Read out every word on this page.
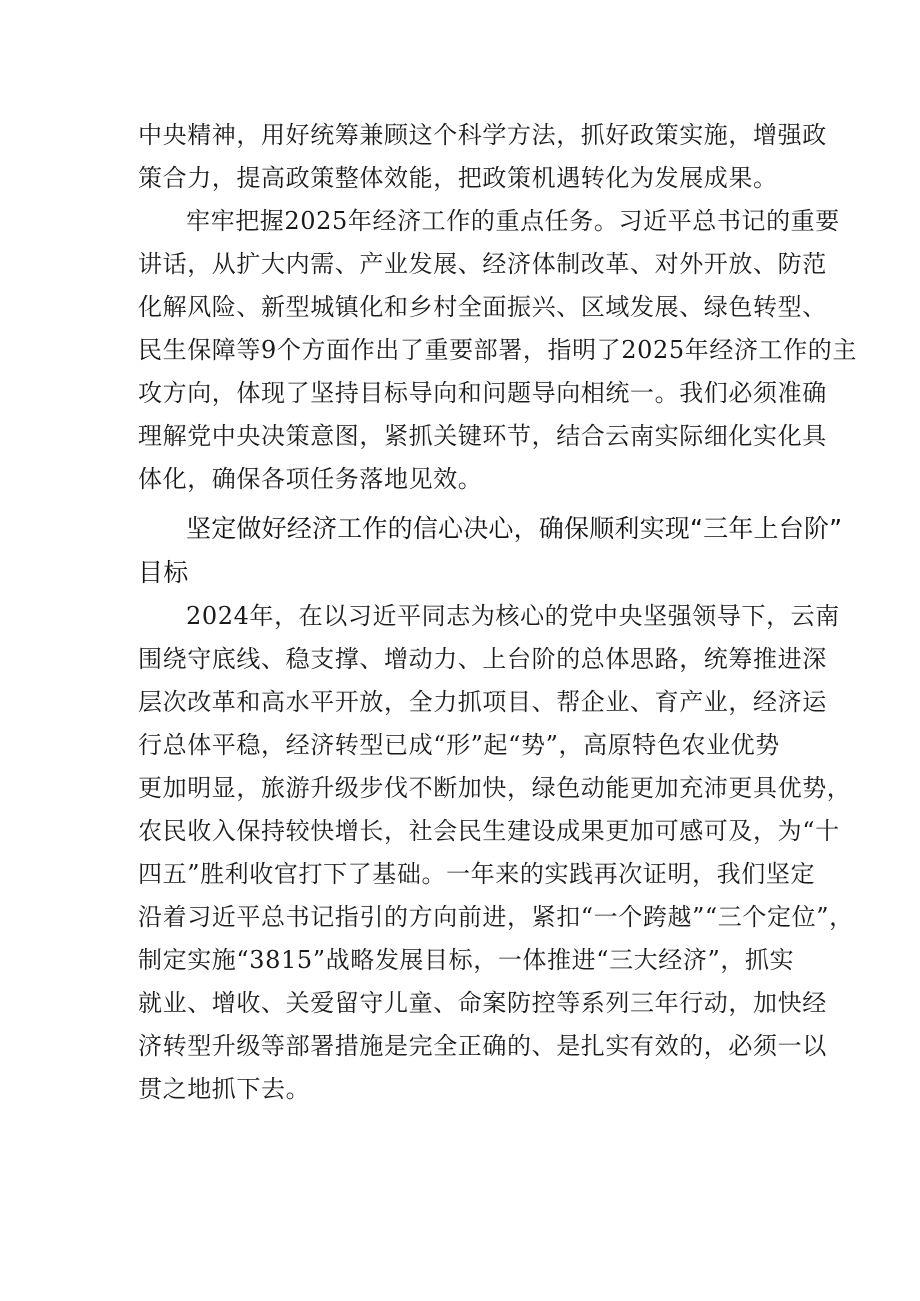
中央精神，用好统筹兼顾这个科学方法，抓好政策实施，增强政
策合力，提高政策整体效能，把政策机遇转化为发展成果。
牢牢把握2025年经济工作的重点任务。习近平总书记的重要
讲话，从扩大内需、产业发展、经济体制改革、对外开放、防范
化解风险、新型城镇化和乡村全面振兴、区域发展、绿色转型、
民生保障等9个方面作出了重要部署，指明了2025年经济工作的主
攻方向，体现了坚持目标导向和问题导向相统一。我们必须准确
理解党中央决策意图，紧抓关键环节，结合云南实际细化实化具
体化，确保各项任务落地见效。
坚定做好经济工作的信心决心，确保顺利实现“三年上台阶”
目标
2024年，在以习近平同志为核心的党中央坚强领导下，云南
围绕守底线、稳支撑、增动力、上台阶的总体思路，统筹推进深
层次改革和高水平开放，全力抓项目、帮企业、育产业，经济运
行总体平稳，经济转型已成“形”起“势”，高原特色农业优势
更加明显，旅游升级步伐不断加快，绿色动能更加充沛更具优势，
农民收入保持较快增长，社会民生建设成果更加可感可及，为“十
四五”胜利收官打下了基础。一年来的实践再次证明，我们坚定
沿着习近平总书记指引的方向前进，紧扣“一个跨越”“三个定位”，
制定实施“3815”战略发展目标，一体推进“三大经济”，抓实
就业、增收、关爱留守儿童、命案防控等系列三年行动，加快经
济转型升级等部署措施是完全正确的、是扎实有效的，必须一以
贯之地抓下去。
